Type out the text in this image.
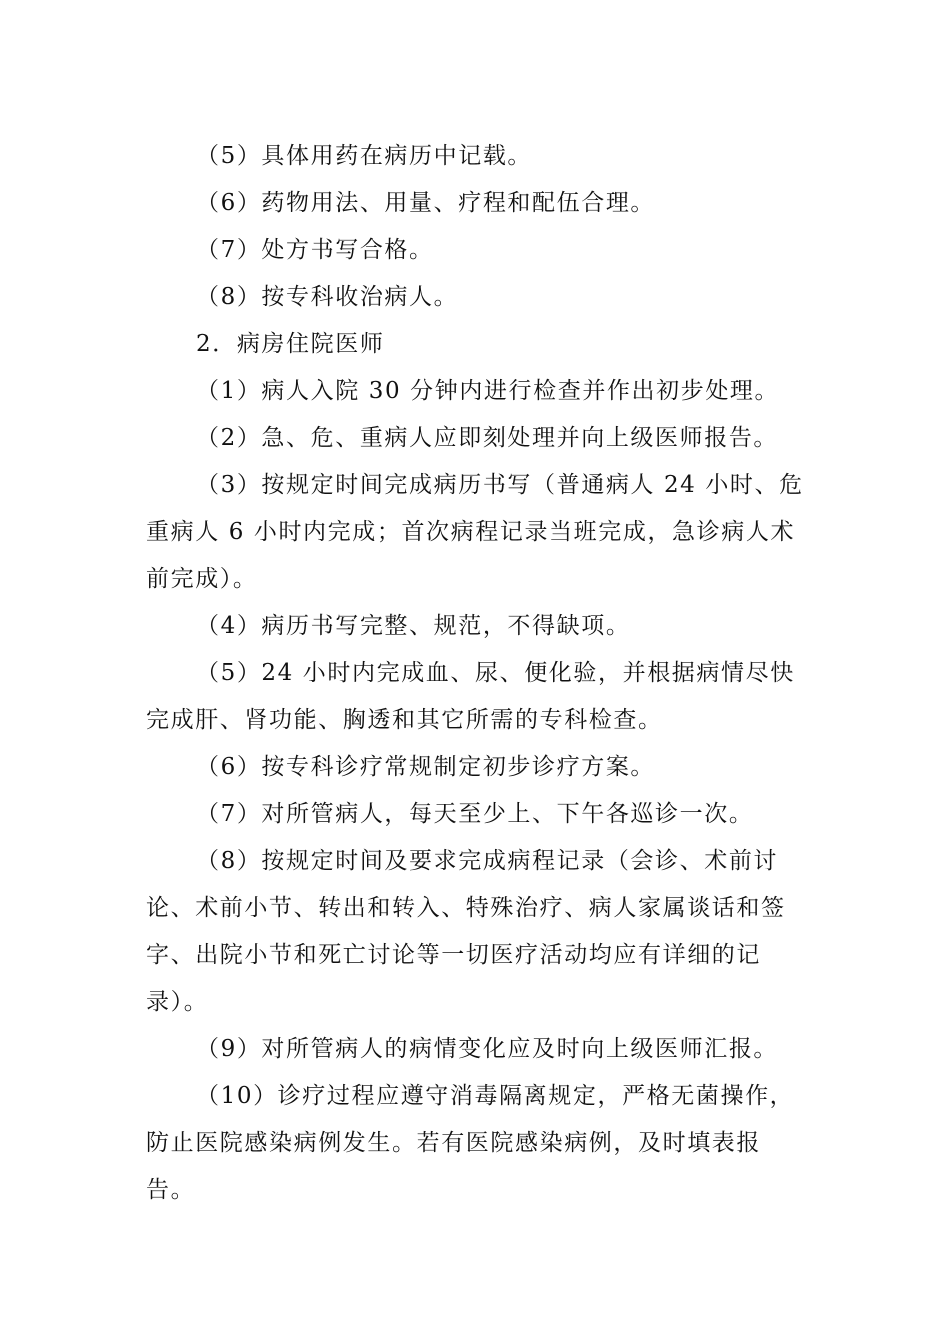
（5）具体用药在病历中记载。

（6）药物用法、用量、疗程和配伍合理。

（7）处方书写合格。

（8）按专科收治病人。

2．病房住院医师

（1）病人入院 30 分钟内进行检查并作出初步处理。

（2）急、危、重病人应即刻处理并向上级医师报告。

（3）按规定时间完成病历书写（普通病人 24 小时、危重病人 6 小时内完成；首次病程记录当班完成，急诊病人术前完成）。

（4）病历书写完整、规范，不得缺项。

（5）24 小时内完成血、尿、便化验，并根据病情尽快完成肝、肾功能、胸透和其它所需的专科检查。

（6）按专科诊疗常规制定初步诊疗方案。

（7）对所管病人，每天至少上、下午各巡诊一次。

（8）按规定时间及要求完成病程记录（会诊、术前讨论、术前小节、转出和转入、特殊治疗、病人家属谈话和签字、出院小节和死亡讨论等一切医疗活动均应有详细的记录）。

（9）对所管病人的病情变化应及时向上级医师汇报。

（10）诊疗过程应遵守消毒隔离规定，严格无菌操作，防止医院感染病例发生。若有医院感染病例，及时填表报告。
